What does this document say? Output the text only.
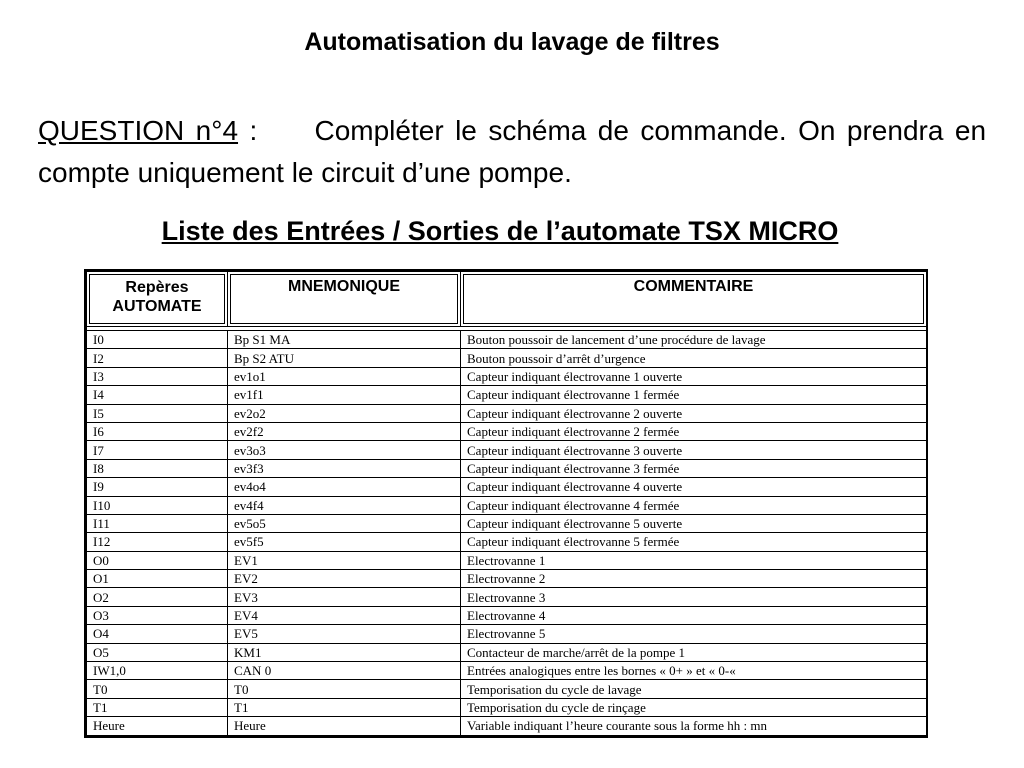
Automatisation du lavage de filtres
QUESTION n°4 : Compléter le schéma de commande. On prendra en compte uniquement le circuit d’une pompe.
Liste des Entrées / Sorties de l’automate TSX MICRO
Repères
AUTOMATE	MNEMONIQUE	COMMENTAIRE

I0	Bp S1 MA	Bouton poussoir de lancement d’une procédure de lavage
I2	Bp S2 ATU	Bouton poussoir d’arrêt d’urgence
I3	ev1o1	Capteur indiquant électrovanne 1 ouverte
I4	ev1f1	Capteur indiquant électrovanne 1 fermée
I5	ev2o2	Capteur indiquant électrovanne 2 ouverte
I6	ev2f2	Capteur indiquant électrovanne 2 fermée
I7	ev3o3	Capteur indiquant électrovanne 3 ouverte
I8	ev3f3	Capteur indiquant électrovanne 3 fermée
I9	ev4o4	Capteur indiquant électrovanne 4 ouverte
I10	ev4f4	Capteur indiquant électrovanne 4 fermée
I11	ev5o5	Capteur indiquant électrovanne 5 ouverte
I12	ev5f5	Capteur indiquant électrovanne 5 fermée
O0	EV1	Electrovanne 1
O1	EV2	Electrovanne 2
O2	EV3	Electrovanne 3
O3	EV4	Electrovanne 4
O4	EV5	Electrovanne 5
O5	KM1	Contacteur de marche/arrêt de la pompe 1
IW1,0	CAN 0	Entrées analogiques entre les bornes « 0+ » et « 0-«
T0	T0	Temporisation du cycle de lavage
T1	T1	Temporisation du cycle de rinçage
Heure	Heure	Variable indiquant l’heure courante sous la forme hh : mn
